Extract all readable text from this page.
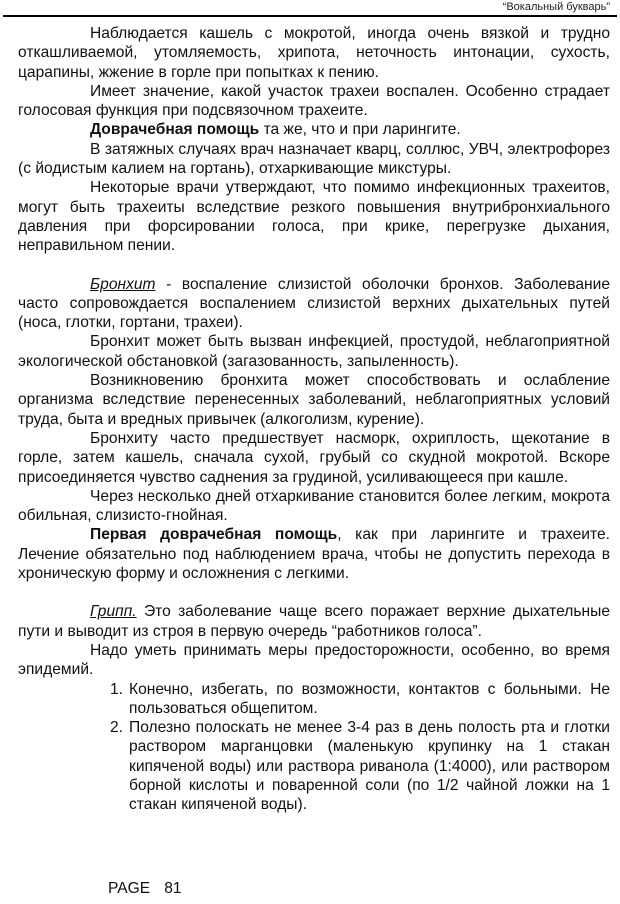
“Вокальный букварь”

Наблюдается кашель с мокротой, иногда очень вязкой и трудно откашливаемой, утомляемость, хрипота, неточность интонации, сухость, царапины, жжение в горле при попытках к пению.

Имеет значение, какой участок трахеи воспален. Особенно страдает голосовая функция при подсвязочном трахеите.

Доврачебная помощь та же, что и при ларингите.

В затяжных случаях врач назначает кварц, соллюс, УВЧ, электрофорез (с йодистым калием на гортань), отхаркивающие микстуры.

Некоторые врачи утверждают, что помимо инфекционных трахеитов, могут быть трахеиты вследствие резкого повышения внутрибронхиального давления при форсировании голоса, при крике, перегрузке дыхания, неправильном пении.

Бронхит - воспаление слизистой оболочки бронхов. Заболевание часто сопровождается воспалением слизистой верхних дыхательных путей (носа, глотки, гортани, трахеи).

Бронхит может быть вызван инфекцией, простудой, неблагоприятной экологической обстановкой (загазованность, запыленность).

Возникновению бронхита может способствовать и ослабление организма вследствие перенесенных заболеваний, неблагоприятных условий труда, быта и вредных привычек (алкоголизм, курение).

Бронхиту часто предшествует насморк, охриплость, щекотание в горле, затем кашель, сначала сухой, грубый со скудной мокротой. Вскоре присоединяется чувство саднения за грудиной, усиливающееся при кашле.

Через несколько дней отхаркивание становится более легким, мокрота обильная, слизисто-гнойная.

Первая доврачебная помощь, как при ларингите и трахеите. Лечение обязательно под наблюдением врача, чтобы не допустить перехода в хроническую форму и осложнения с легкими.

Грипп. Это заболевание чаще всего поражает верхние дыхательные пути и выводит из строя в первую очередь “работников голоса”.

Надо уметь принимать меры предосторожности, особенно, во время эпидемий.

1. Конечно, избегать, по возможности, контактов с больными. Не пользоваться общепитом.
2. Полезно полоскать не менее 3-4 раз в день полость рта и глотки раствором марганцовки (маленькую крупинку на 1 стакан кипяченой воды) или раствора риванола (1:4000), или раствором борной кислоты и поваренной соли (по 1/2 чайной ложки на 1 стакан кипяченой воды).
PAGE 81
